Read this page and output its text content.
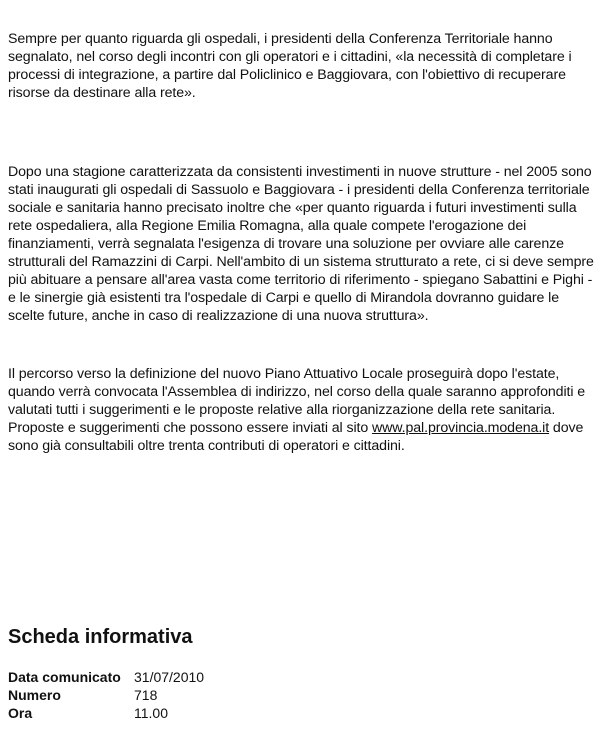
Sempre per quanto riguarda gli ospedali, i presidenti della Conferenza Territoriale hanno segnalato, nel corso degli incontri con gli operatori e i cittadini, «la necessità di completare i processi di integrazione, a partire dal Policlinico e Baggiovara, con l'obiettivo di recuperare risorse da destinare alla rete».

Dopo una stagione caratterizzata da consistenti investimenti in nuove strutture - nel 2005 sono stati inaugurati gli ospedali di Sassuolo e Baggiovara - i presidenti della Conferenza territoriale sociale e sanitaria hanno precisato inoltre che «per quanto riguarda i futuri investimenti sulla rete ospedaliera, alla Regione Emilia Romagna, alla quale compete l'erogazione dei finanziamenti, verrà segnalata l'esigenza di trovare una soluzione per ovviare alle carenze strutturali del Ramazzini di Carpi. Nell'ambito di un sistema strutturato a rete, ci si deve sempre più abituare a pensare all'area vasta come territorio di riferimento - spiegano Sabattini e Pighi - e le sinergie già esistenti tra l'ospedale di Carpi e quello di Mirandola dovranno guidare le scelte future, anche in caso di realizzazione di una nuova struttura».

Il percorso verso la definizione del nuovo Piano Attuativo Locale proseguirà dopo l'estate, quando verrà convocata l'Assemblea di indirizzo, nel corso della quale saranno approfonditi e valutati tutti i suggerimenti e le proposte relative alla riorganizzazione della rete sanitaria. Proposte e suggerimenti che possono essere inviati al sito www.pal.provincia.modena.it dove sono già consultabili oltre trenta contributi di operatori e cittadini.

Scheda informativa
Data comunicato	31/07/2010
Numero	718
Ora	11.00
